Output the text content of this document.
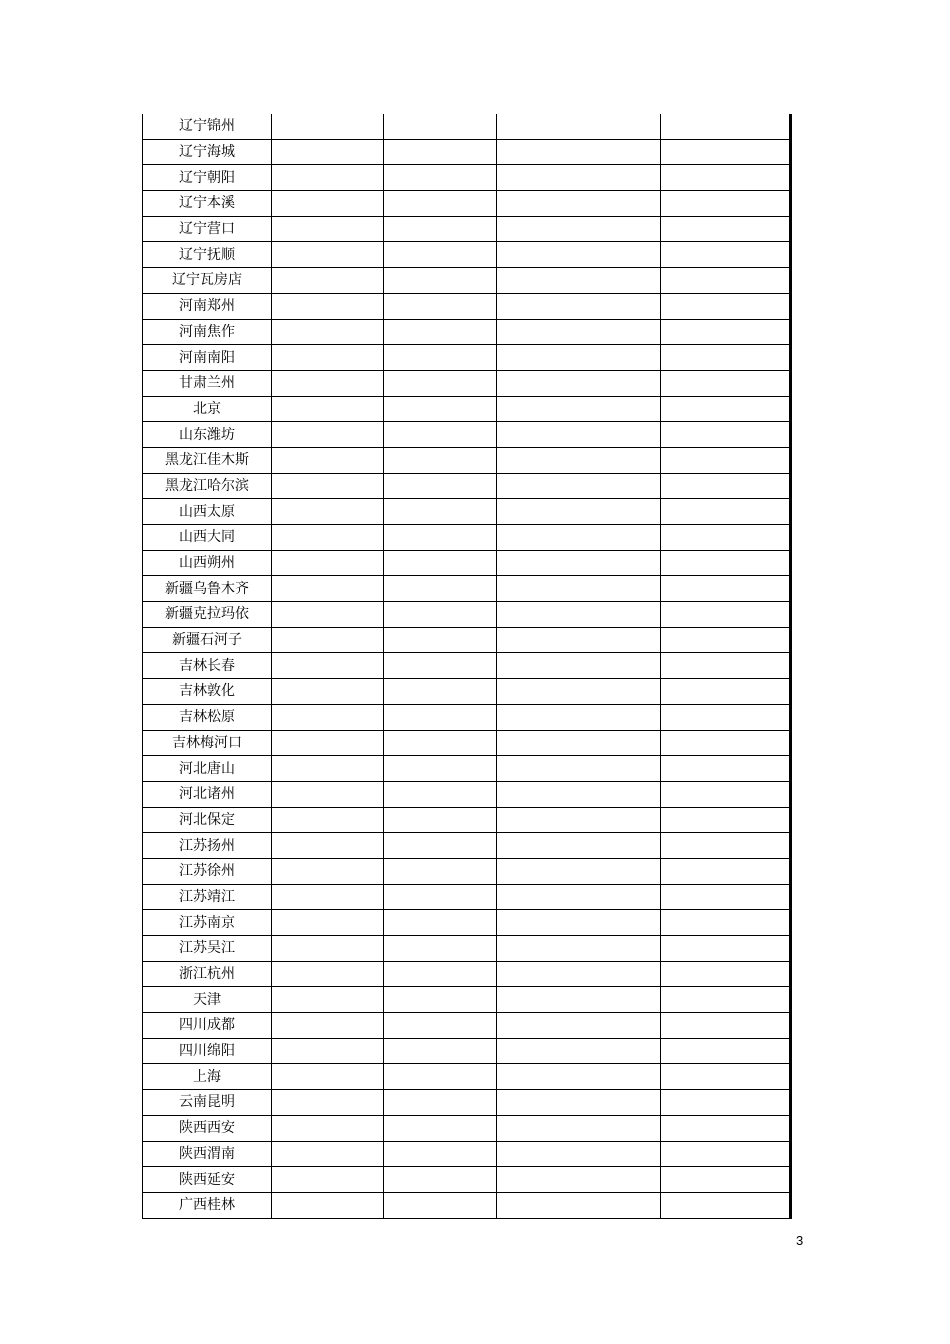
辽宁锦州				
辽宁海城				
辽宁朝阳				
辽宁本溪				
辽宁营口				
辽宁抚顺				
辽宁瓦房店				
河南郑州				
河南焦作				
河南南阳				
甘肃兰州				
北京				
山东潍坊				
黑龙江佳木斯				
黑龙江哈尔滨				
山西太原				
山西大同				
山西朔州				
新疆乌鲁木齐				
新疆克拉玛依				
新疆石河子				
吉林长春				
吉林敦化				
吉林松原				
吉林梅河口				
河北唐山				
河北诸州				
河北保定				
江苏扬州				
江苏徐州				
江苏靖江				
江苏南京				
江苏吴江				
浙江杭州				
天津				
四川成都				
四川绵阳				
上海				
云南昆明				
陕西西安				
陕西渭南				
陕西延安				
广西桂林				
3
